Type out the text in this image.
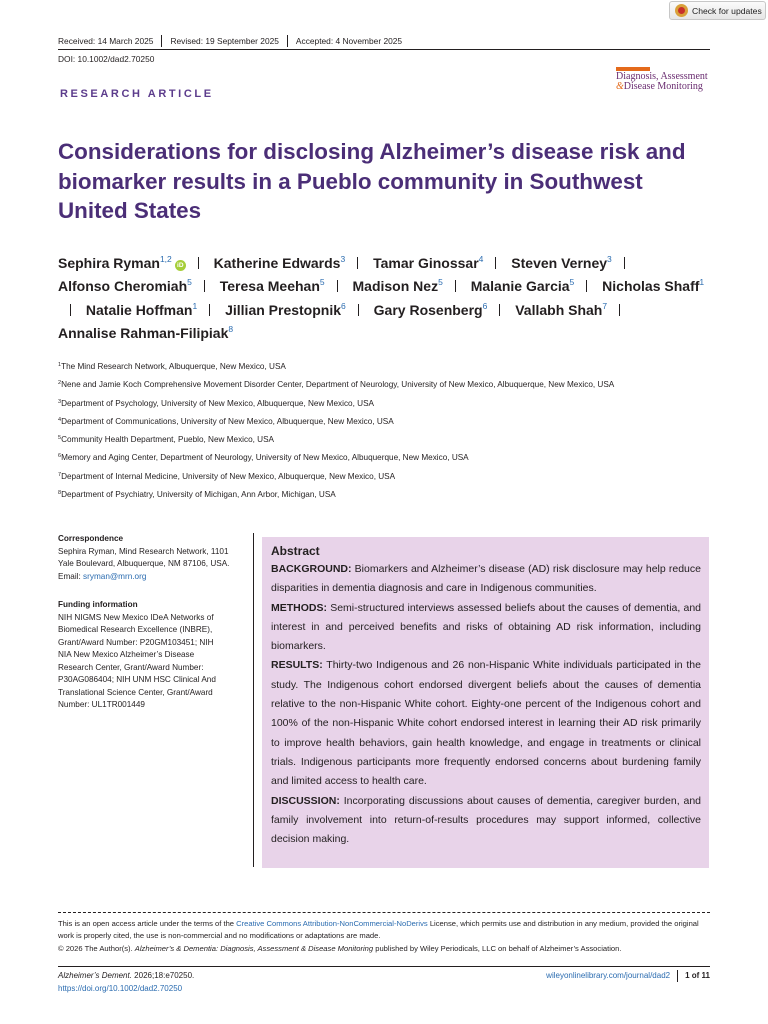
Check for updates
Received: 14 March 2025 Revised: 19 September 2025 Accepted: 4 November 2025
DOI: 10.1002/dad2.70250
Diagnosis, Assessment
&Disease Monitoring
RESEARCH ARTICLE
Considerations for disclosing Alzheimer’s disease risk and biomarker results in a Pueblo community in Southwest United States
Sephira Ryman$^{1,2}$iD Katherine Edwards$^3$ Tamar Ginossar$^4$ Steven Verney$^3$ Alfonso Cheromiah$^5$ Teresa Meehan$^5$ Madison Nez$^5$ Malanie Garcia$^5$ Nicholas Shaff$^1$ Natalie Hoffman$^1$ Jillian Prestopnik$^6$ Gary Rosenberg$^6$ Vallabh Shah$^7$ Annalise Rahman-Filipiak$^8$
$^1$The Mind Research Network, Albuquerque, New Mexico, USA
$^2$Nene and Jamie Koch Comprehensive Movement Disorder Center, Department of Neurology, University of New Mexico, Albuquerque, New Mexico, USA
$^3$Department of Psychology, University of New Mexico, Albuquerque, New Mexico, USA
$^4$Department of Communications, University of New Mexico, Albuquerque, New Mexico, USA
$^5$Community Health Department, Pueblo, New Mexico, USA
$^6$Memory and Aging Center, Department of Neurology, University of New Mexico, Albuquerque, New Mexico, USA
$^7$Department of Internal Medicine, University of New Mexico, Albuquerque, New Mexico, USA
$^8$Department of Psychiatry, University of Michigan, Ann Arbor, Michigan, USA
Correspondence
Sephira Ryman, Mind Research Network, 1101
Yale Boulevard, Albuquerque, NM 87106, USA.
Email: sryman@mrn.org
Funding information
NIH NIGMS New Mexico IDeA Networks of
Biomedical Research Excellence (INBRE),
Grant/Award Number: P20GM103451; NIH
NIA New Mexico Alzheimer’s Disease
Research Center, Grant/Award Number:
P30AG086404; NIH UNM HSC Clinical And
Translational Science Center, Grant/Award
Number: UL1TR001449
Abstract

BACKGROUND: Biomarkers and Alzheimer’s disease (AD) risk disclosure may help reduce disparities in dementia diagnosis and care in Indigenous communities.

METHODS: Semi-structured interviews assessed beliefs about the causes of dementia, and interest in and perceived benefits and risks of obtaining AD risk information, including biomarkers.

RESULTS: Thirty-two Indigenous and 26 non-Hispanic White individuals participated in the study. The Indigenous cohort endorsed divergent beliefs about the causes of dementia relative to the non-Hispanic White cohort. Eighty-one percent of the Indigenous cohort and 100% of the non-Hispanic White cohort endorsed interest in learning their AD risk primarily to improve health behaviors, gain health knowledge, and engage in treatments or clinical trials. Indigenous participants more frequently endorsed concerns about burdening family and limited access to health care.

DISCUSSION: Incorporating discussions about causes of dementia, caregiver burden, and family involvement into return-of-results procedures may support informed, collective decision making.

This is an open access article under the terms of the Creative Commons Attribution-NonCommercial-NoDerivs License, which permits use and distribution in any medium, provided the original work is properly cited, the use is non-commercial and no modifications or adaptations are made.
© 2026 The Author(s). Alzheimer’s & Dementia: Diagnosis, Assessment & Disease Monitoring published by Wiley Periodicals, LLC on behalf of Alzheimer’s Association.
Alzheimer’s Dement. 2026;18:e70250.
https://doi.org/10.1002/dad2.70250
wileyonlinelibrary.com/journal/dad2 1 of 11
